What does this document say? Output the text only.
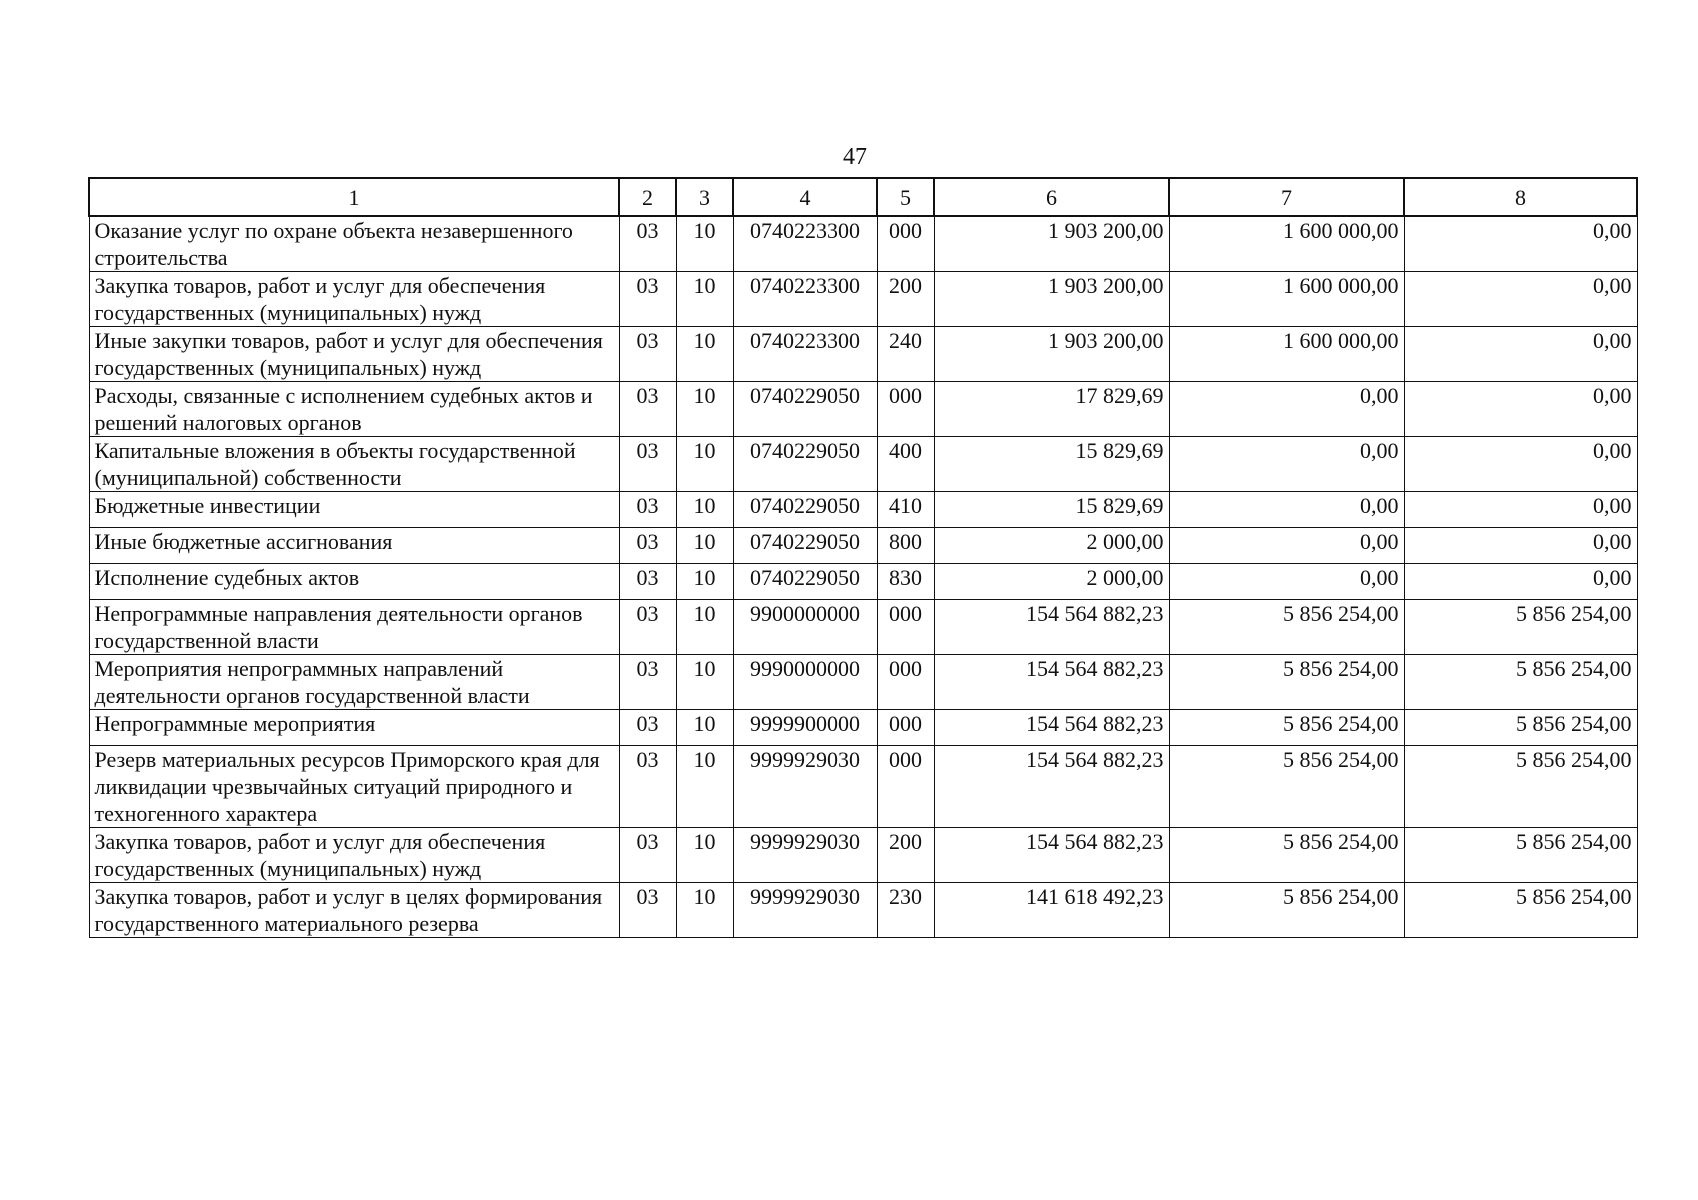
47
1	2	3	4	5	6	7	8
Оказание услуг по охране объекта незавершенного строительства	03	10	0740223300	000	1 903 200,00	1 600 000,00	0,00
Закупка товаров, работ и услуг для обеспечения государственных (муниципальных) нужд	03	10	0740223300	200	1 903 200,00	1 600 000,00	0,00
Иные закупки товаров, работ и услуг для обеспечения государственных (муниципальных) нужд	03	10	0740223300	240	1 903 200,00	1 600 000,00	0,00
Расходы, связанные с исполнением судебных актов и решений налоговых органов	03	10	0740229050	000	17 829,69	0,00	0,00
Капитальные вложения в объекты государственной (муниципальной) собственности	03	10	0740229050	400	15 829,69	0,00	0,00
Бюджетные инвестиции	03	10	0740229050	410	15 829,69	0,00	0,00
Иные бюджетные ассигнования	03	10	0740229050	800	2 000,00	0,00	0,00
Исполнение судебных актов	03	10	0740229050	830	2 000,00	0,00	0,00
Непрограммные направления деятельности органов государственной власти	03	10	9900000000	000	154 564 882,23	5 856 254,00	5 856 254,00
Мероприятия непрограммных направлений деятельности органов государственной власти	03	10	9990000000	000	154 564 882,23	5 856 254,00	5 856 254,00
Непрограммные мероприятия	03	10	9999900000	000	154 564 882,23	5 856 254,00	5 856 254,00
Резерв материальных ресурсов Приморского края для ликвидации чрезвычайных ситуаций природного и техногенного характера	03	10	9999929030	000	154 564 882,23	5 856 254,00	5 856 254,00
Закупка товаров, работ и услуг для обеспечения государственных (муниципальных) нужд	03	10	9999929030	200	154 564 882,23	5 856 254,00	5 856 254,00
Закупка товаров, работ и услуг в целях формирования государственного материального резерва	03	10	9999929030	230	141 618 492,23	5 856 254,00	5 856 254,00
